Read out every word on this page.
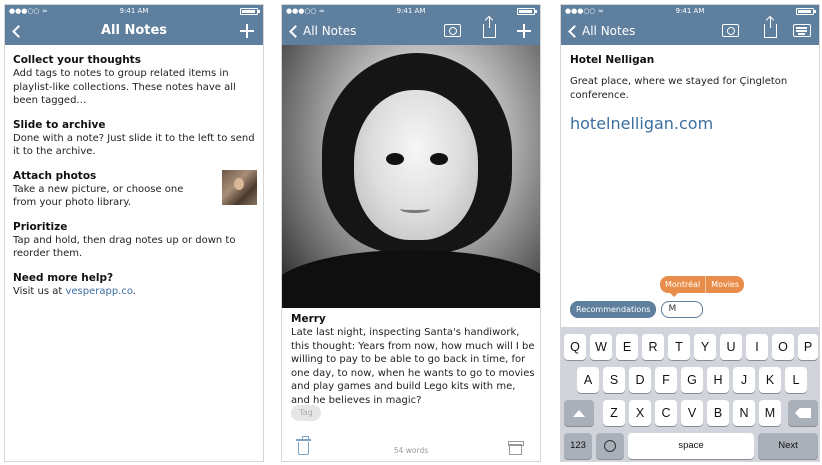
●●●○○ ≈	9:41 AM
All Notes
Collect your thoughts

Add tags to notes to group related items in playlist-like collections. These notes have all been tagged…

Slide to archive

Done with a note? Just slide it to the left to send it to the archive.

Attach photos

Take a new picture, or choose one from your photo library.

Prioritize

Tap and hold, then drag notes up or down to reorder them.

Need more help?

Visit us at vesperapp.co.

●●●○○ ≈	9:41 AM
All Notes
Merry

Late last night, inspecting Santa's handiwork, this thought: Years from now, how much will I be willing to pay to be able to go back in time, for one day, to now, when he wants to go to movies and play games and build Lego kits with me, and he believes in magic?

Tag
54 words
●●●○○ ≈	9:41 AM
All Notes
Hotel Nelligan

Great place, where we stayed for Çingleton conference.

hotelnelligan.com
Montréal	Movies
Recommendations	M
Q	W	E	R	T	Y	U	I	O	P
A	S	D	F	G	H	J	K	L
Z	X	C	V	B	N	M
123	space	Next
